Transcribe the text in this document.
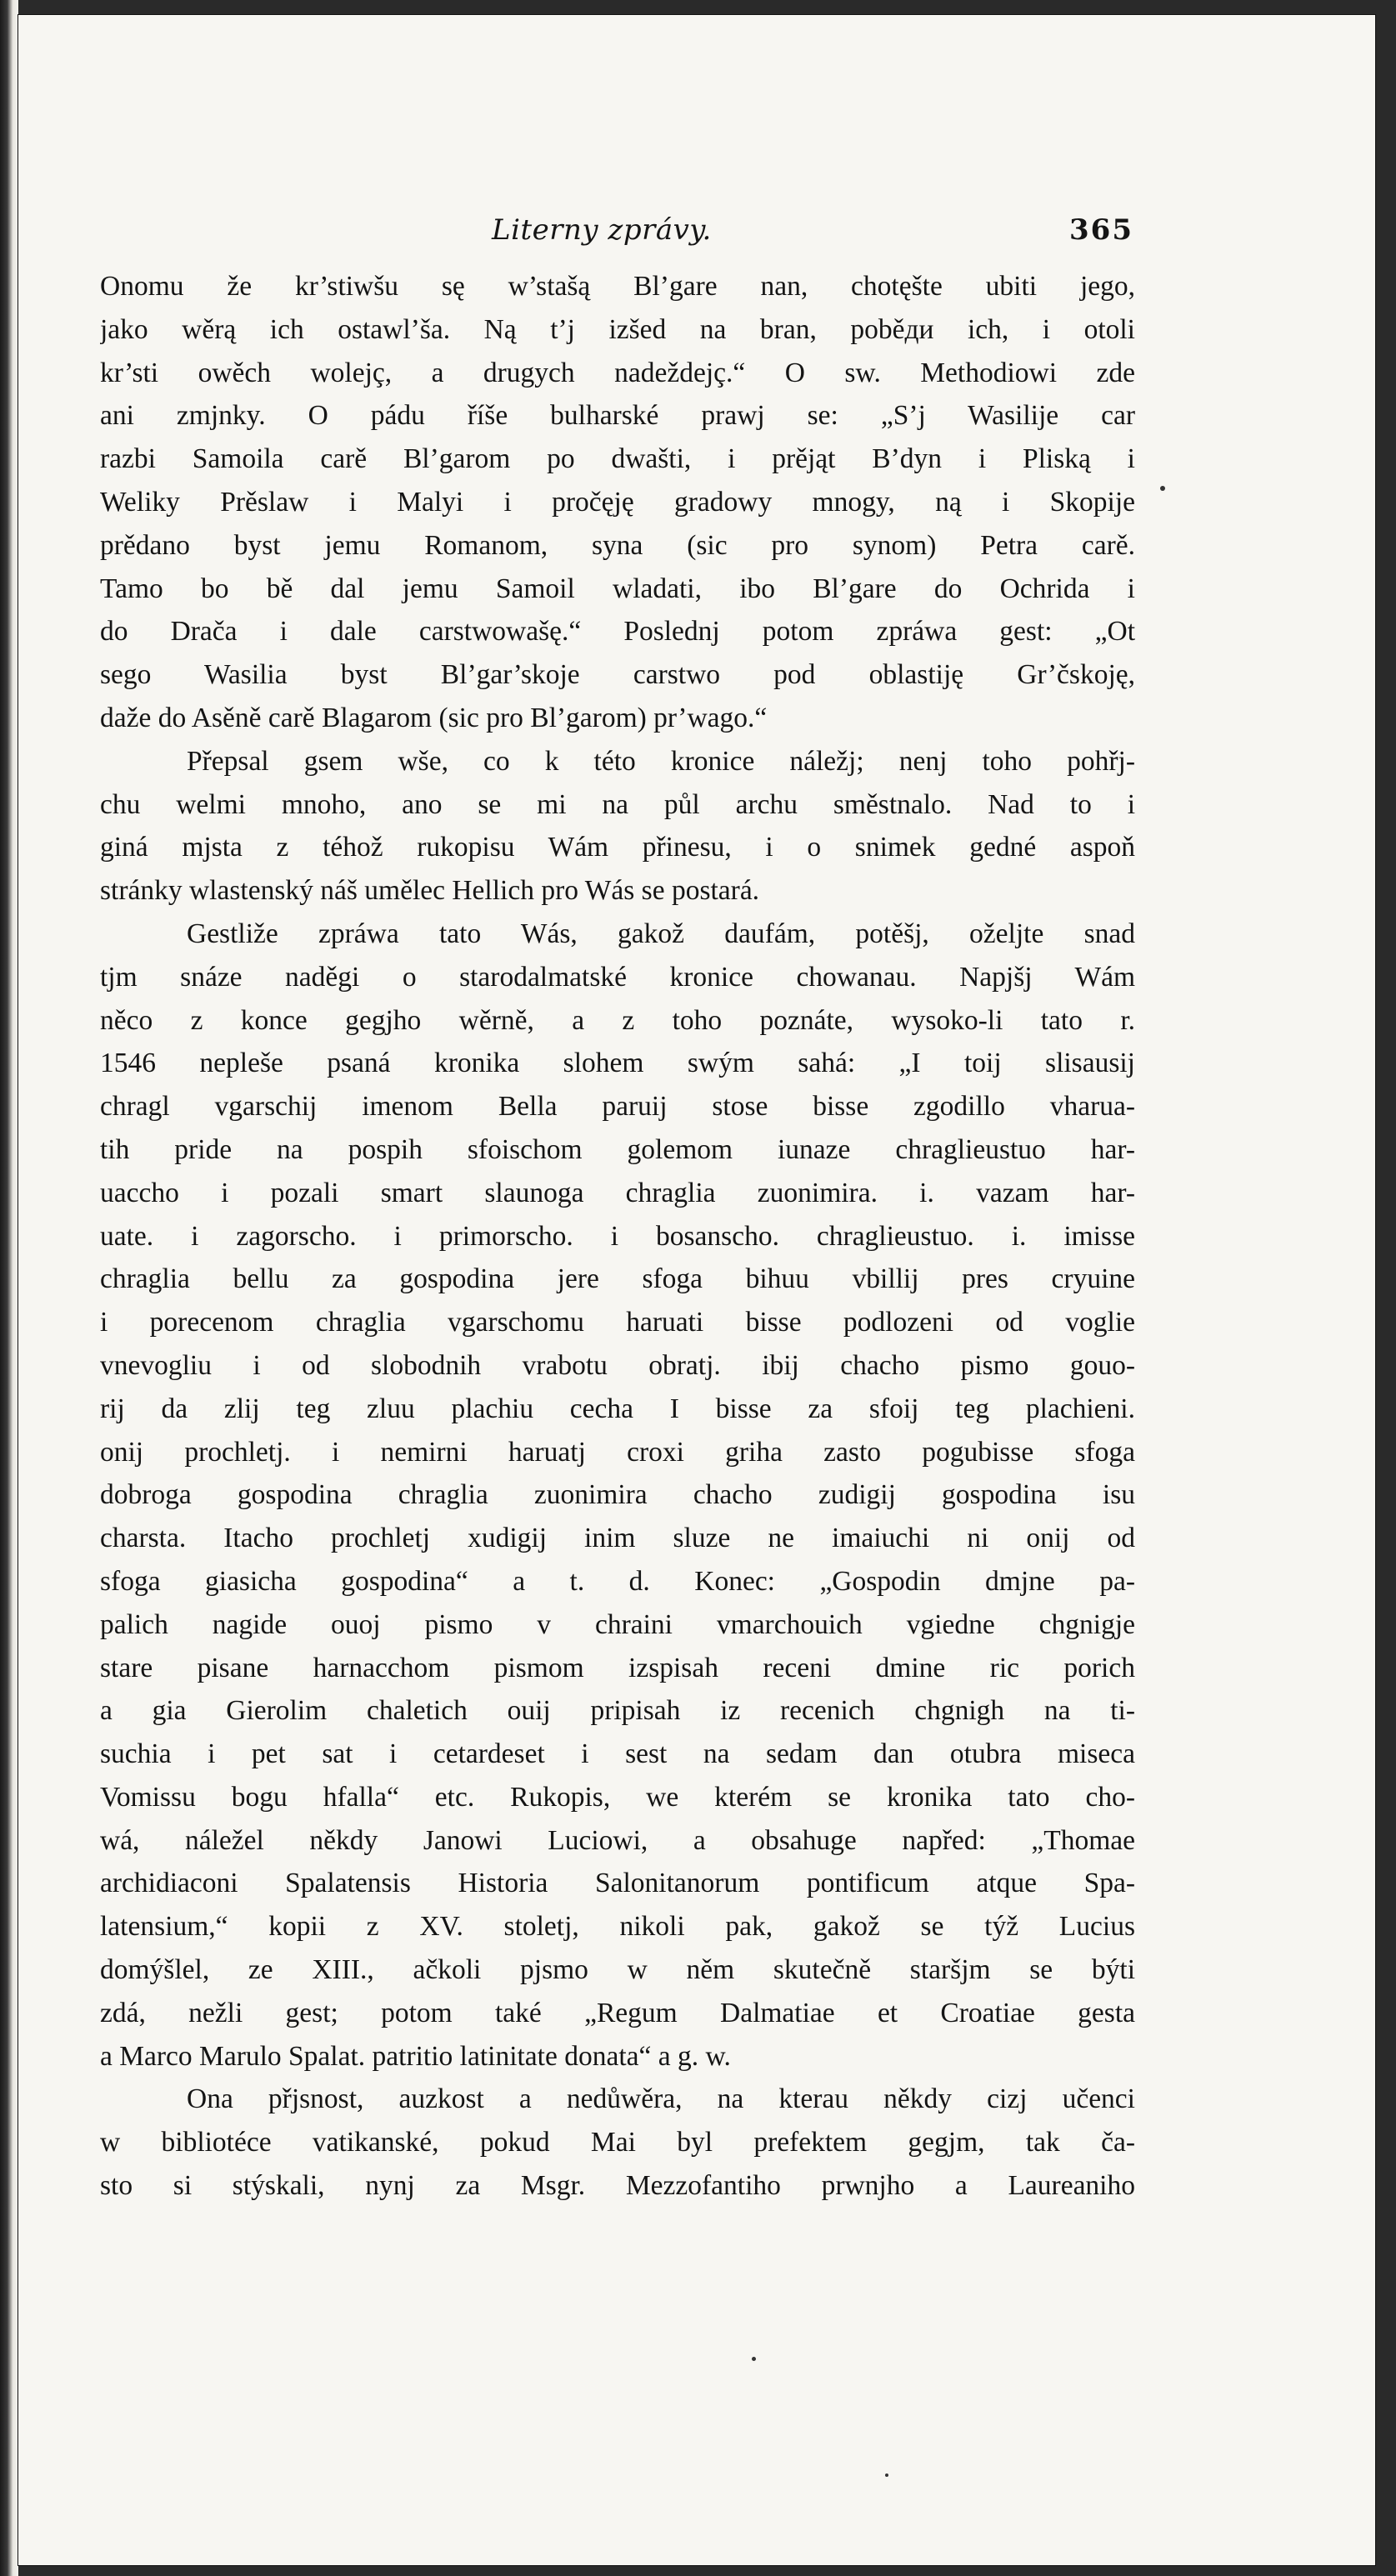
Literny zprávy.	365
Onomu že kr’stiwšu sę w’stašą Bl’gare nan, chotęšte ubiti jego,
jako wěrą ich ostawl’ša. Ną t’j izšed na bran, poběди ich, i otoli
kr’sti owěch wolejç, a drugych nadeždejç.“ O sw. Methodiowi zde
ani zmjnky. O pádu říše bulharské prawj se: „S’j Wasilije car
razbi Samoila carě Bl’garom po dwašti, i prějąt B’dyn i Pliską i
Weliky Prěslaw i Malyi i pročęję gradowy mnogy, ną i Skopije
prědano byst jemu Romanom, syna (sic pro synom) Petra carě.
Tamo bo bě dal jemu Samoil wladati, ibo Bl’gare do Ochrida i
do Drača i dale carstwowašę.“ Poslednj potom zpráwa gest: „Ot
sego Wasilia byst Bl’gar’skoje carstwo pod oblastiję Gr’čskoję,
daže do Asěně carě Blagarom (sic pro Bl’garom) pr’wago.“
Přepsal gsem wše, co k této kronice náležj; nenj toho pohřj-
chu welmi mnoho, ano se mi na půl archu směstnalo. Nad to i
giná mjsta z téhož rukopisu Wám přinesu, i o snimek gedné aspoň
stránky wlastenský náš umělec Hellich pro Wás se postará.
Gestliže zpráwa tato Wás, gakož daufám, potěšj, oželjte snad
tjm snáze naděgi o starodalmatské kronice chowanau. Napjšj Wám
něco z konce gegjho wěrně, a z toho poznáte, wysoko-li tato r.
1546 nepleše psaná kronika slohem swým sahá: „I toij slisausij
chragl vgarschij imenom Bella paruij stose bisse zgodillo vharua-
tih pride na pospih sfoischom golemom iunaze chraglieustuo har-
uaccho i pozali smart slaunoga chraglia zuonimira. i. vazam har-
uate. i zagorscho. i primorscho. i bosanscho. chraglieustuo. i. imisse
chraglia bellu za gospodina jere sfoga bihuu vbillij pres cryuine
i porecenom chraglia vgarschomu haruati bisse podlozeni od voglie
vnevogliu i od slobodnih vrabotu obratj. ibij chacho pismo gouo-
rij da zlij teg zluu plachiu cecha I bisse za sfoij teg plachieni.
onij prochletj. i nemirni haruatj croxi griha zasto pogubisse sfoga
dobroga gospodina chraglia zuonimira chacho zudigij gospodina isu
charsta. Itacho prochletj xudigij inim sluze ne imaiuchi ni onij od
sfoga giasicha gospodina“ a t. d. Konec: „Gospodin dmjne pa-
palich nagide ouoj pismo v chraini vmarchouich vgiedne chgnigje
stare pisane harnacchom pismom izspisah receni dmine ric porich
a gia Gierolim chaletich ouij pripisah iz recenich chgnigh na ti-
suchia i pet sat i cetardeset i sest na sedam dan otubra miseca
Vomissu bogu hfalla“ etc. Rukopis, we kterém se kronika tato cho-
wá, náležel někdy Janowi Luciowi, a obsahuge napřed: „Thomae
archidiaconi Spalatensis Historia Salonitanorum pontificum atque Spa-
latensium,“ kopii z XV. stoletj, nikoli pak, gakož se týž Lucius
domýšlel, ze XIII., ačkoli pjsmo w něm skutečně staršjm se býti
zdá, nežli gest; potom také „Regum Dalmatiae et Croatiae gesta
a Marco Marulo Spalat. patritio latinitate donata“ a g. w.
Ona přjsnost, auzkost a nedůwěra, na kterau někdy cizj učenci
w bibliotéce vatikanské, pokud Mai byl prefektem gegjm, tak ča-
sto si stýskali, nynj za Msgr. Mezzofantiho prwnjho a Laureaniho
